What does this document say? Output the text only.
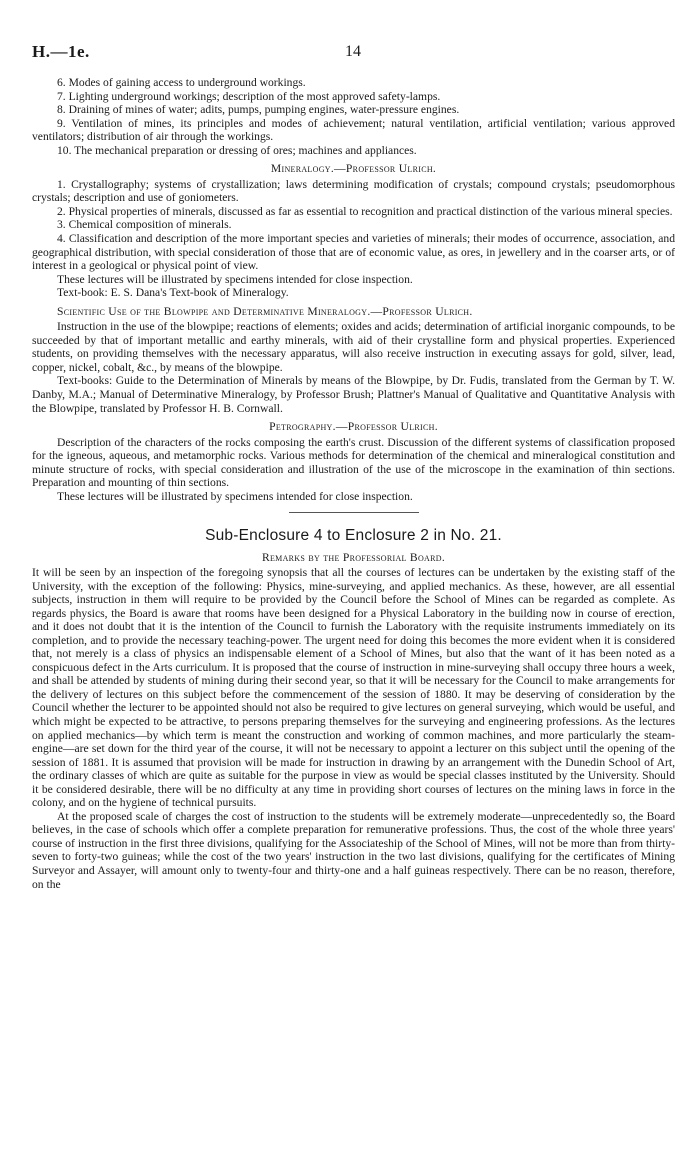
H.—1e.	14

6. Modes of gaining access to underground workings.

7. Lighting underground workings; description of the most approved safety-lamps.

8. Draining of mines of water; adits, pumps, pumping engines, water-pressure engines.

9. Ventilation of mines, its principles and modes of achievement; natural ventilation, artificial ventilation; various approved ventilators; distribution of air through the workings.

10. The mechanical preparation or dressing of ores; machines and appliances.

Mineralogy.—Professor Ulrich.

1. Crystallography; systems of crystallization; laws determining modification of crystals; compound crystals; pseudomorphous crystals; description and use of goniometers.

2. Physical properties of minerals, discussed as far as essential to recognition and practical distinction of the various mineral species.

3. Chemical composition of minerals.

4. Classification and description of the more important species and varieties of minerals; their modes of occurrence, association, and geographical distribution, with special consideration of those that are of economic value, as ores, in jewellery and in the coarser arts, or of interest in a geological or physical point of view.

These lectures will be illustrated by specimens intended for close inspection.

Text-book: E. S. Dana's Text-book of Mineralogy.

Scientific Use of the Blowpipe and Determinative Mineralogy.—Professor Ulrich.

Instruction in the use of the blowpipe; reactions of elements; oxides and acids; determination of artificial inorganic compounds, to be succeeded by that of important metallic and earthy minerals, with aid of their crystalline form and physical properties. Experienced students, on providing themselves with the necessary apparatus, will also receive instruction in executing assays for gold, silver, lead, copper, nickel, cobalt, &c., by means of the blowpipe.

Text-books: Guide to the Determination of Minerals by means of the Blowpipe, by Dr. Fudis, translated from the German by T. W. Danby, M.A.; Manual of Determinative Mineralogy, by Professor Brush; Plattner's Manual of Qualitative and Quantitative Analysis with the Blowpipe, translated by Professor H. B. Cornwall.

Petrography.—Professor Ulrich.

Description of the characters of the rocks composing the earth's crust. Discussion of the different systems of classification proposed for the igneous, aqueous, and metamorphic rocks. Various methods for determination of the chemical and mineralogical constitution and minute structure of rocks, with special consideration and illustration of the use of the microscope in the examination of thin sections. Preparation and mounting of thin sections.

These lectures will be illustrated by specimens intended for close inspection.

Sub-Enclosure 4 to Enclosure 2 in No. 21.
Remarks by the Professorial Board.

It will be seen by an inspection of the foregoing synopsis that all the courses of lectures can be undertaken by the existing staff of the University, with the exception of the following: Physics, mine-surveying, and applied mechanics. As these, however, are all essential subjects, instruction in them will require to be provided by the Council before the School of Mines can be regarded as complete. As regards physics, the Board is aware that rooms have been designed for a Physical Laboratory in the building now in course of erection, and it does not doubt that it is the intention of the Council to furnish the Laboratory with the requisite instruments immediately on its completion, and to provide the necessary teaching-power. The urgent need for doing this becomes the more evident when it is considered that, not merely is a class of physics an indispensable element of a School of Mines, but also that the want of it has been noted as a conspicuous defect in the Arts curriculum. It is proposed that the course of instruction in mine-surveying shall occupy three hours a week, and shall be attended by students of mining during their second year, so that it will be necessary for the Council to make arrangements for the delivery of lectures on this subject before the commencement of the session of 1880. It may be deserving of consideration by the Council whether the lecturer to be appointed should not also be required to give lectures on general surveying, which would be useful, and which might be expected to be attractive, to persons preparing themselves for the surveying and engineering professions. As the lectures on applied mechanics—by which term is meant the construction and working of common machines, and more particularly the steam-engine—are set down for the third year of the course, it will not be necessary to appoint a lecturer on this subject until the opening of the session of 1881. It is assumed that provision will be made for instruction in drawing by an arrangement with the Dunedin School of Art, the ordinary classes of which are quite as suitable for the purpose in view as would be special classes instituted by the University. Should it be considered desirable, there will be no difficulty at any time in providing short courses of lectures on the mining laws in force in the colony, and on the hygiene of technical pursuits.

At the proposed scale of charges the cost of instruction to the students will be extremely moderate—unprecedentedly so, the Board believes, in the case of schools which offer a complete preparation for remunerative professions. Thus, the cost of the whole three years' course of instruction in the first three divisions, qualifying for the Associateship of the School of Mines, will not be more than from thirty-seven to forty-two guineas; while the cost of the two years' instruction in the two last divisions, qualifying for the certificates of Mining Surveyor and Assayer, will amount only to twenty-four and thirty-one and a half guineas respectively. There can be no reason, therefore, on the
